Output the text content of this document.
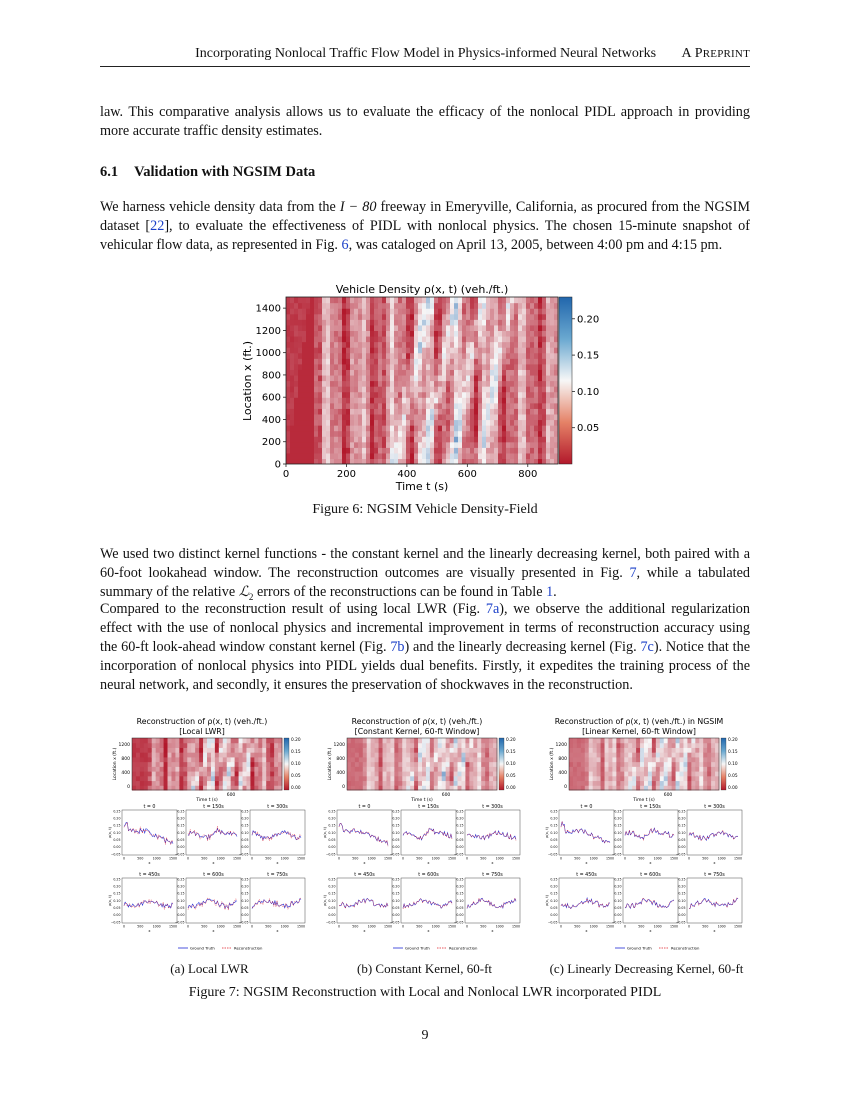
Incorporating Nonlocal Traffic Flow Model in Physics-informed Neural Networks A PREPRINT
law. This comparative analysis allows us to evaluate the efficacy of the nonlocal PIDL approach in providing more accurate traffic density estimates.
6.1 Validation with NGSIM Data
We harness vehicle density data from the I − 80 freeway in Emeryville, California, as procured from the NGSIM dataset [22], to evaluate the effectiveness of PIDL with nonlocal physics. The chosen 15-minute snapshot of vehicular flow data, as represented in Fig. 6, was cataloged on April 13, 2005, between 4:00 pm and 4:15 pm.
Vehicle Density ρ(x, t) (veh./ft.)
0	200	400	600	800
0
200
400
600
800
1000
1200
1400
Time t (s)
Location x (ft.)
0.05
0.10
0.15
0.20
Figure 6: NGSIM Vehicle Density-Field
We used two distinct kernel functions - the constant kernel and the linearly decreasing kernel, both paired with a 60-foot lookahead window. The reconstruction outcomes are visually presented in Fig. 7, while a tabulated summary of the relative ℒ$_2$ errors of the reconstructions can be found in Table 1.
Compared to the reconstruction result of using local LWR (Fig. 7a), we observe the additional regularization effect with the use of nonlocal physics and incremental improvement in terms of reconstruction accuracy using the 60-ft look-ahead window constant kernel (Fig. 7b) and the linearly decreasing kernel (Fig. 7c). Notice that the incorporation of nonlocal physics into PIDL yields dual benefits. Firstly, it expedites the training process of the neural network, and secondly, it ensures the preservation of shockwaves in the reconstruction.
Reconstruction of ρ(x, t) (veh./ft.)
[Local LWR]
1200
800
400
0
Location x (ft.)
600
Time t (s)
0.20
0.15
0.10
0.05
0.00
t = 0
0.25
0.20
0.15
0.10
0.05
0.00
−0.05
0	500	1000	1500
ρ(x, t)
x
t = 150s
0.25
0.20
0.15
0.10
0.05
0.00
−0.05
0	500	1000	1500
x
t = 300s
0.25
0.20
0.15
0.10
0.05
0.00
−0.05
0	500	1000	1500
x
t = 450s
0.25
0.20
0.15
0.10
0.05
0.00
−0.05
0	500	1000	1500
ρ(x, t)
x
t = 600s
0.25
0.20
0.15
0.10
0.05
0.00
−0.05
0	500	1000	1500
x
t = 750s
0.25
0.20
0.15
0.10
0.05
0.00
−0.05
0	500	1000	1500
x
Ground Truth	Reconstruction
(a) Local LWR
Reconstruction of ρ(x, t) (veh./ft.)
[Constant Kernel, 60-ft Window]
1200
800
400
0
Location x (ft.)
600
Time t (s)
0.20
0.15
0.10
0.05
0.00
t = 0
0.25
0.20
0.15
0.10
0.05
0.00
−0.05
0	500	1000	1500
ρ(x, t)
x
t = 150s
0.25
0.20
0.15
0.10
0.05
0.00
−0.05
0	500	1000	1500
x
t = 300s
0.25
0.20
0.15
0.10
0.05
0.00
−0.05
0	500	1000	1500
x
t = 450s
0.25
0.20
0.15
0.10
0.05
0.00
−0.05
0	500	1000	1500
ρ(x, t)
x
t = 600s
0.25
0.20
0.15
0.10
0.05
0.00
−0.05
0	500	1000	1500
x
t = 750s
0.25
0.20
0.15
0.10
0.05
0.00
−0.05
0	500	1000	1500
x
Ground Truth	Reconstruction
(b) Constant Kernel, 60-ft
Reconstruction of ρ(x, t) (veh./ft.) in NGSIM
[Linear Kernel, 60-ft Window]
1200
800
400
0
Location x (ft.)
600
Time t (s)
0.20
0.15
0.10
0.05
0.00
t = 0
0.25
0.20
0.15
0.10
0.05
0.00
−0.05
0	500	1000	1500
ρ(x, t)
x
t = 150s
0.25
0.20
0.15
0.10
0.05
0.00
−0.05
0	500	1000	1500
x
t = 300s
0.25
0.20
0.15
0.10
0.05
0.00
−0.05
0	500	1000	1500
x
t = 450s
0.25
0.20
0.15
0.10
0.05
0.00
−0.05
0	500	1000	1500
ρ(x, t)
x
t = 600s
0.25
0.20
0.15
0.10
0.05
0.00
−0.05
0	500	1000	1500
x
t = 750s
0.25
0.20
0.15
0.10
0.05
0.00
−0.05
0	500	1000	1500
x
Ground Truth	Reconstruction
(c) Linearly Decreasing Kernel, 60-ft
Figure 7: NGSIM Reconstruction with Local and Nonlocal LWR incorporated PIDL
9
